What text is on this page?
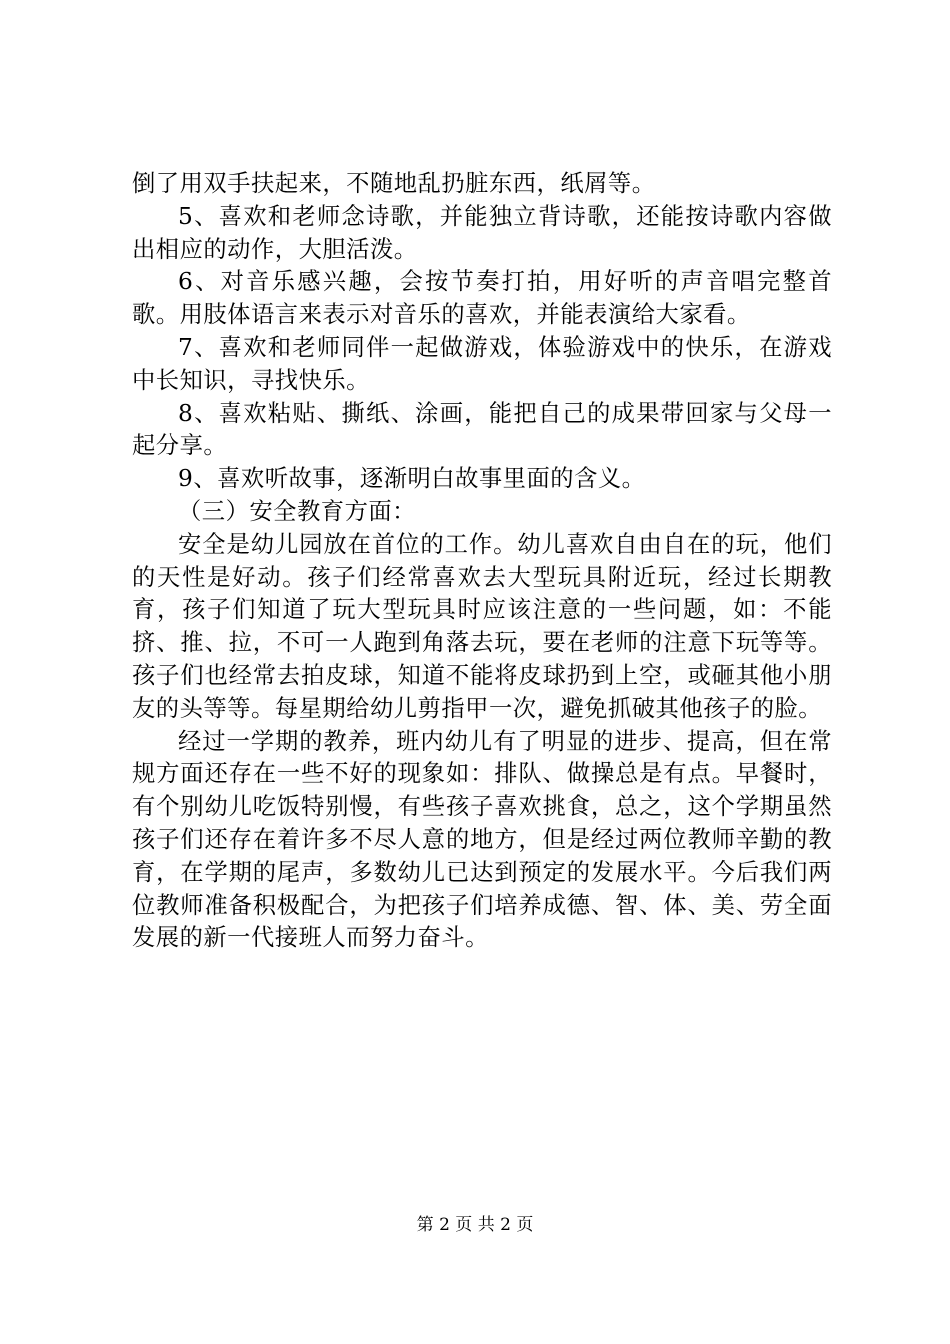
倒了用双手扶起来，不随地乱扔脏东西，纸屑等。

5、喜欢和老师念诗歌，并能独立背诗歌，还能按诗歌内容做出相应的动作，大胆活泼。

6、对音乐感兴趣，会按节奏打拍，用好听的声音唱完整首歌。用肢体语言来表示对音乐的喜欢，并能表演给大家看。

7、喜欢和老师同伴一起做游戏，体验游戏中的快乐，在游戏中长知识，寻找快乐。

8、喜欢粘贴、撕纸、涂画，能把自己的成果带回家与父母一起分享。

9、喜欢听故事，逐渐明白故事里面的含义。

（三）安全教育方面：

安全是幼儿园放在首位的工作。幼儿喜欢自由自在的玩，他们的天性是好动。孩子们经常喜欢去大型玩具附近玩，经过长期教育，孩子们知道了玩大型玩具时应该注意的一些问题，如：不能挤、推、拉，不可一人跑到角落去玩，要在老师的注意下玩等等。孩子们也经常去拍皮球，知道不能将皮球扔到上空，或砸其他小朋友的头等等。每星期给幼儿剪指甲一次，避免抓破其他孩子的脸。

经过一学期的教养，班内幼儿有了明显的进步、提高，但在常规方面还存在一些不好的现象如：排队、做操总是有点。早餐时，有个别幼儿吃饭特别慢，有些孩子喜欢挑食，总之，这个学期虽然孩子们还存在着许多不尽人意的地方，但是经过两位教师辛勤的教育，在学期的尾声，多数幼儿已达到预定的发展水平。今后我们两位教师准备积极配合，为把孩子们培养成德、智、体、美、劳全面发展的新一代接班人而努力奋斗。

第 2 页 共 2 页
